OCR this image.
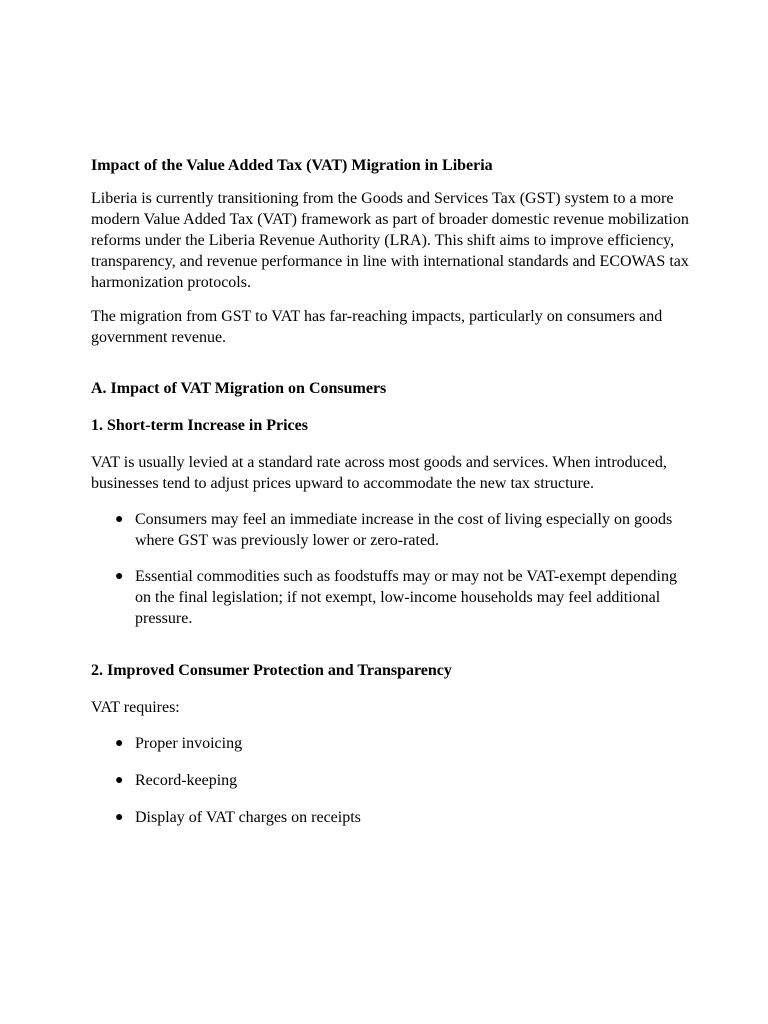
Impact of the Value Added Tax (VAT) Migration in Liberia

Liberia is currently transitioning from the Goods and Services Tax (GST) system to a more modern Value Added Tax (VAT) framework as part of broader domestic revenue mobilization reforms under the Liberia Revenue Authority (LRA). This shift aims to improve efficiency, transparency, and revenue performance in line with international standards and ECOWAS tax harmonization protocols.

The migration from GST to VAT has far-reaching impacts, particularly on consumers and government revenue.

A. Impact of VAT Migration on Consumers
1. Short-term Increase in Prices

VAT is usually levied at a standard rate across most goods and services. When introduced, businesses tend to adjust prices upward to accommodate the new tax structure.

● Consumers may feel an immediate increase in the cost of living especially on goods where GST was previously lower or zero-rated.
● Essential commodities such as foodstuffs may or may not be VAT-exempt depending on the final legislation; if not exempt, low-income households may feel additional pressure.
2. Improved Consumer Protection and Transparency

VAT requires:

● Proper invoicing
● Record-keeping
● Display of VAT charges on receipts
